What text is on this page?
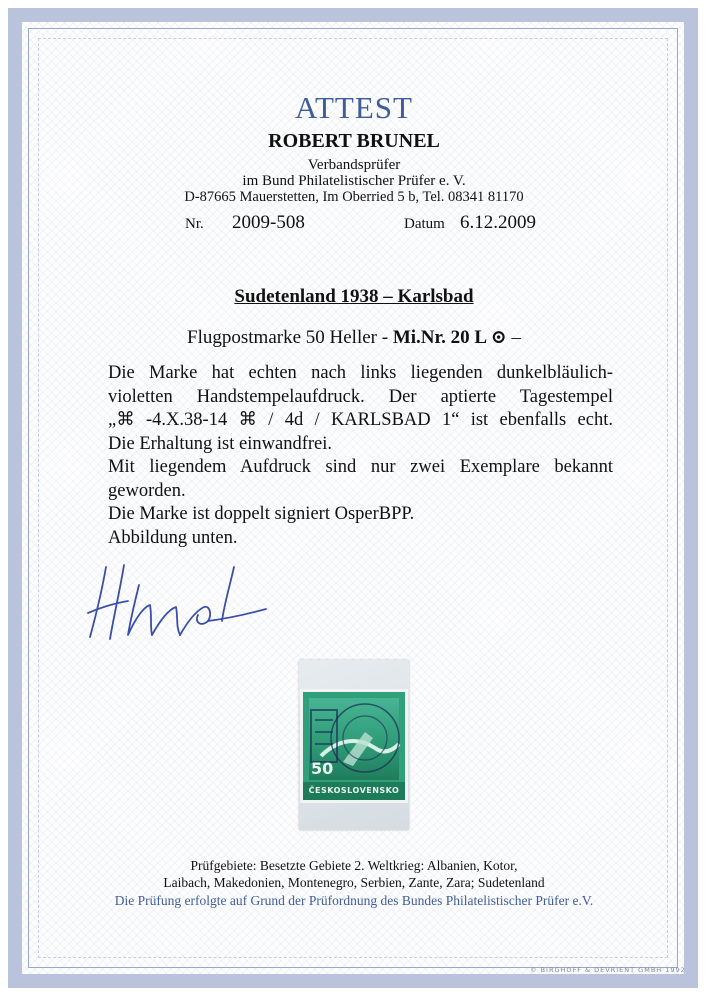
ATTEST
ROBERT BRUNEL
Verbandsprüfer
im Bund Philatelistischer Prüfer e. V.
D-87665 Mauerstetten, Im Oberried 5 b, Tel. 08341 81170
Nr. 2009-508	Datum 6.12.2009
Sudetenland 1938 – Karlsbad
Flugpostmarke 50 Heller - Mi.Nr. 20 L ⊙ –
Die Marke hat echten nach links liegenden dunkelbläulich-
violetten Handstempelaufdruck. Der aptierte Tagestempel
„⌘ -4.X.38-14 ⌘ / 4d / KARLSBAD 1“ ist ebenfalls echt.
Die Erhaltung ist einwandfrei.
Mit liegendem Aufdruck sind nur zwei Exemplare bekannt
geworden.
Die Marke ist doppelt signiert OsperBPP.
Abbildung unten.
50
ČESKOSLOVENSKO
Prüfgebiete: Besetzte Gebiete 2. Weltkrieg: Albanien, Kotor,
Laibach, Makedonien, Montenegro, Serbien, Zante, Zara; Sudetenland
Die Prüfung erfolgte auf Grund der Prüfordnung des Bundes Philatelistischer Prüfer e.V.
© BIRGHOFF & DEVRIENT GMBH 1992
